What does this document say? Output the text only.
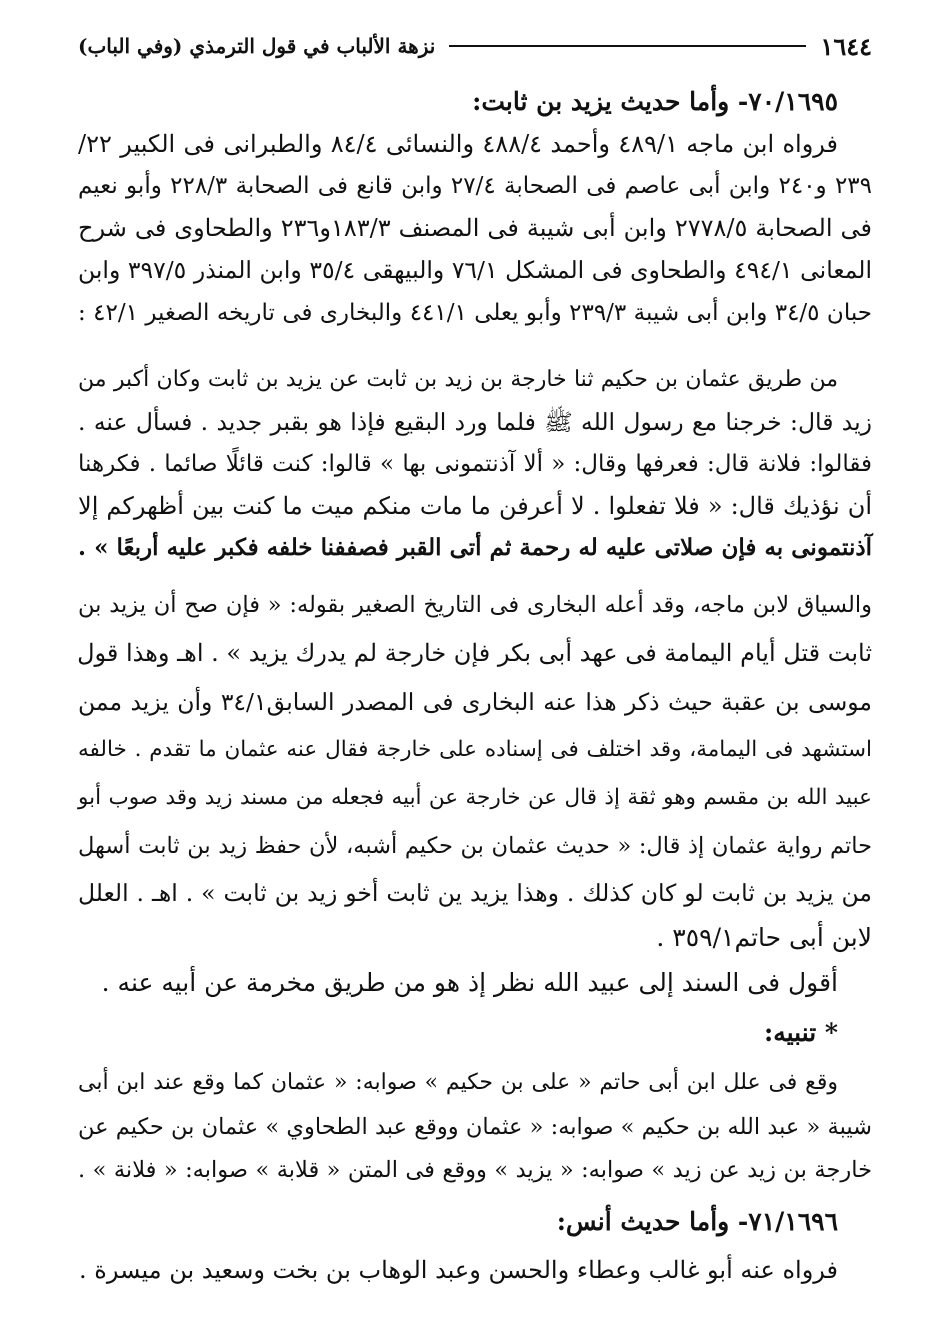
١٦٤٤
نزهة الألباب في قول الترمذي (وفي الباب)
٧٠/١٦٩٥- وأما حديث يزيد بن ثابت:
فرواه ابن ماجه ٤٨٩/١ وأحمد ٤٨٨/٤ والنسائى ٨٤/٤ والطبرانى فى الكبير ٢٢/
٢٣٩ و٢٤٠ وابن أبى عاصم فى الصحابة ٢٧/٤ وابن قانع فى الصحابة ٢٢٨/٣ وأبو نعيم
فى الصحابة ٢٧٧٨/٥ وابن أبى شيبة فى المصنف ١٨٣/٣و٢٣٦ والطحاوى فى شرح
المعانى ٤٩٤/١ والطحاوى فى المشكل ٧٦/١ والبيهقى ٣٥/٤ وابن المنذر ٣٩٧/٥ وابن
حبان ٣٤/٥ وابن أبى شيبة ٢٣٩/٣ وأبو يعلى ٤٤١/١ والبخارى فى تاريخه الصغير ٤٢/١ :
من طريق عثمان بن حكيم ثنا خارجة بن زيد بن ثابت عن يزيد بن ثابت وكان أكبر من
زيد قال: خرجنا مع رسول الله ﷺ فلما ورد البقيع فإذا هو بقبر جديد . فسأل عنه .
فقالوا: فلانة قال: فعرفها وقال: « ألا آذنتمونى بها » قالوا: كنت قائلًا صائما . فكرهنا
أن نؤذيك قال: « فلا تفعلوا . لا أعرفن ما مات منكم ميت ما كنت بين أظهركم إلا
آذنتمونى به فإن صلاتى عليه له رحمة ثم أتى القبر فصففنا خلفه فكبر عليه أربعًا » .
والسياق لابن ماجه، وقد أعله البخارى فى التاريخ الصغير بقوله: « فإن صح أن يزيد بن
ثابت قتل أيام اليمامة فى عهد أبى بكر فإن خارجة لم يدرك يزيد » . اهـ وهذا قول
موسى بن عقبة حيث ذكر هذا عنه البخارى فى المصدر السابق٣٤/١ وأن يزيد ممن
استشهد فى اليمامة، وقد اختلف فى إسناده على خارجة فقال عنه عثمان ما تقدم . خالفه
عبيد الله بن مقسم وهو ثقة إذ قال عن خارجة عن أبيه فجعله من مسند زيد وقد صوب أبو
حاتم رواية عثمان إذ قال: « حديث عثمان بن حكيم أشبه، لأن حفظ زيد بن ثابت أسهل
من يزيد بن ثابت لو كان كذلك . وهذا يزيد ين ثابت أخو زيد بن ثابت » . اهـ . العلل
لابن أبى حاتم٣٥٩/١ .
أقول فى السند إلى عبيد الله نظر إذ هو من طريق مخرمة عن أبيه عنه .
* تنبيه:
وقع فى علل ابن أبى حاتم « على بن حكيم » صوابه: « عثمان كما وقع عند ابن أبى
شيبة « عبد الله بن حكيم » صوابه: « عثمان ووقع عبد الطحاوي » عثمان بن حكيم عن
خارجة بن زيد عن زيد » صوابه: « يزيد » ووقع فى المتن « قلابة » صوابه: « فلانة » .
٧١/١٦٩٦- وأما حديث أنس:
فرواه عنه أبو غالب وعطاء والحسن وعبد الوهاب بن بخت وسعيد بن ميسرة .
